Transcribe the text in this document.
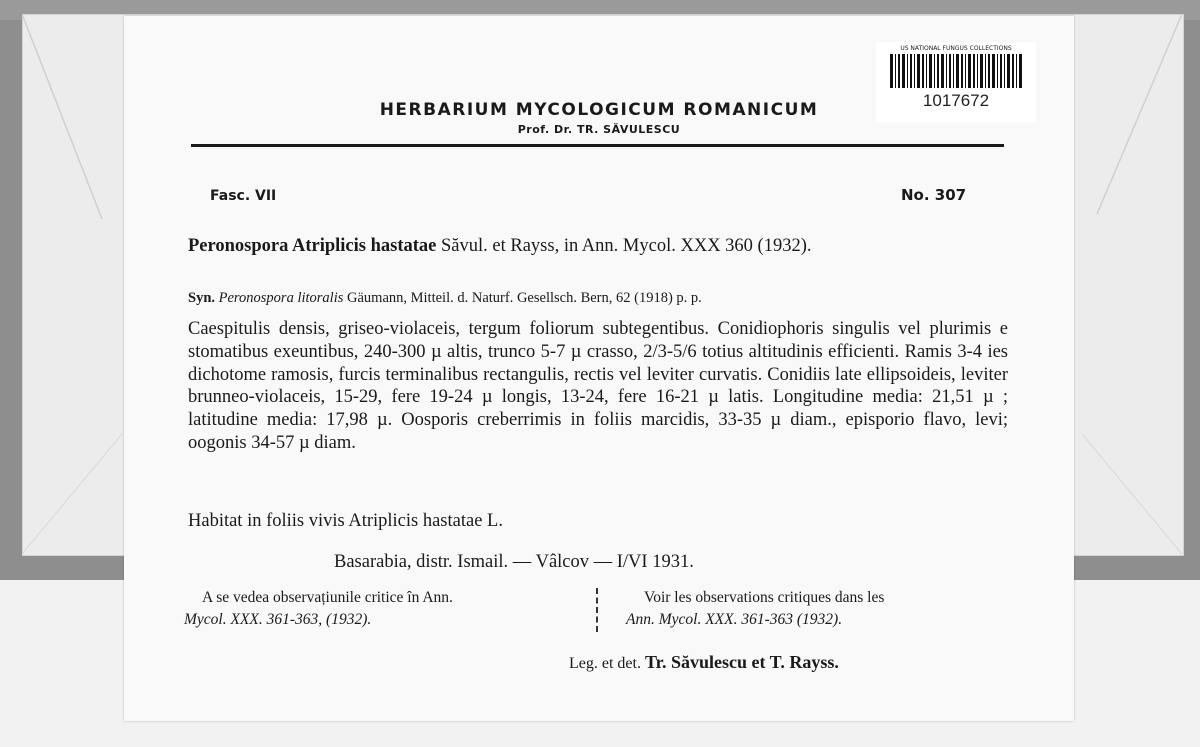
US NATIONAL FUNGUS COLLECTIONS
1017672
HERBARIUM MYCOLOGICUM ROMANICUM
Prof. Dr. TR. SĂVULESCU
Fasc. VII	No. 307
Peronospora Atriplicis hastatae Săvul. et Rayss, in Ann. Mycol. XXX 360 (1932).
Syn. Peronospora litoralis Gäumann, Mitteil. d. Naturf. Gesellsch. Bern, 62 (1918) p. p.
Caespitulis densis, griseo-violaceis, tergum foliorum subtegentibus. Conidiophoris singulis vel plurimis e stomatibus exeuntibus, 240-300 µ altis, trunco 5-7 µ crasso, 2/3-5/6 totius altitudinis efficienti. Ramis 3-4 ies dichotome ramosis, furcis terminalibus rectangulis, rectis vel leviter curvatis. Conidiis late ellipsoideis, leviter brunneo-violaceis, 15-29, fere 19-24 µ longis, 13-24, fere 16-21 µ latis. Longitudine media: 21,51 µ ; latitudine media: 17,98 µ. Oosporis creberrimis in foliis marcidis, 33-35 µ diam., episporio flavo, levi; oogonis 34-57 µ diam.
Habitat in foliis vivis Atriplicis hastatae L.
Basarabia, distr. Ismail. — Vâlcov — I/VI 1931.
A se vedea observațiunile critice în Ann.
Mycol. XXX. 361-363, (1932).
Voir les observations critiques dans les
Ann. Mycol. XXX. 361-363 (1932).
Leg. et det. Tr. Săvulescu et T. Rayss.
